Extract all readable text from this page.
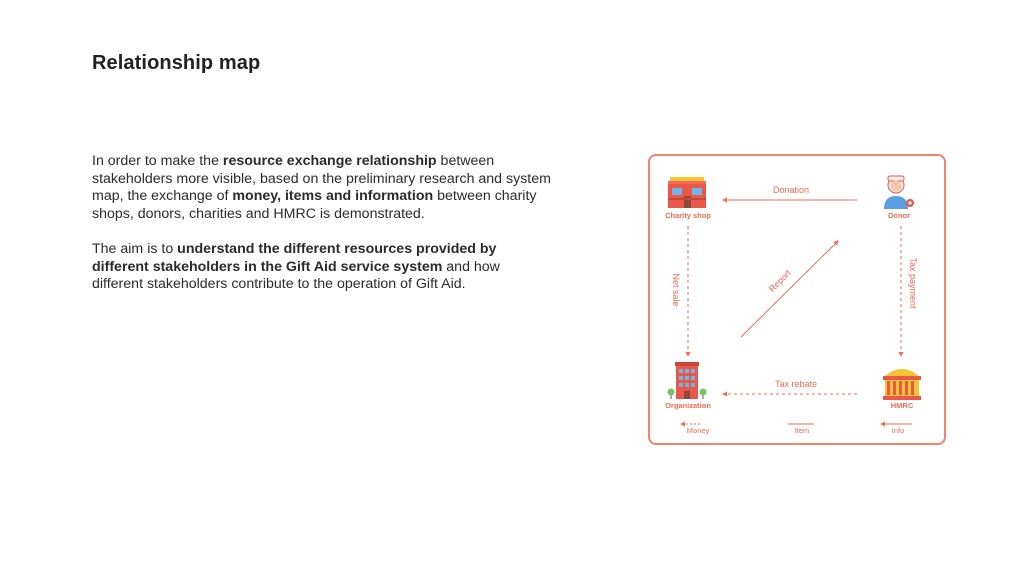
Relationship map

In order to make the resource exchange relationship between stakeholders more visible, based on the preliminary research and system map, the exchange of money, items and information between charity shops, donors, charities and HMRC is demonstrated.

The aim is to understand the different resources provided by different stakeholders in the Gift Aid service system and how different stakeholders contribute to the operation of Gift Aid.

Charity shop	Donor
Organization	HMRC
Donation
Net sale	Tax payment
Tax rebate
Report
Money	Item	Info
